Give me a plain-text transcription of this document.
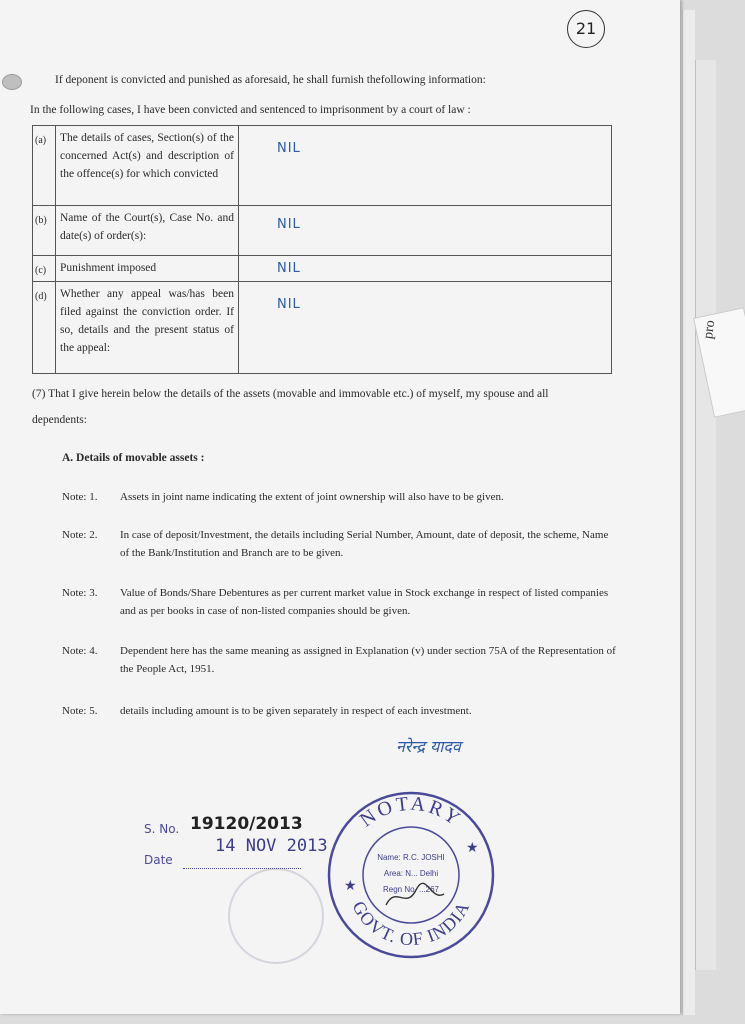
pro
21
If deponent is convicted and punished as aforesaid, he shall furnish thefollowing information:
In the following cases, I have been convicted and sentenced to imprisonment by a court of law :
(a)	The details of cases, Section(s) of the concerned Act(s) and description of the offence(s) for which convicted	NIL

(b)	Name of the Court(s), Case No. and date(s) of order(s):	NIL

(c)	Punishment imposed	NIL

(d)	Whether any appeal was/has been filed against the conviction order. If so, details and the present status of the appeal:	NIL
(7) That I give herein below the details of the assets (movable and immovable etc.) of myself, my spouse and all
dependents:
A. Details of movable assets :
Note: 1.	Assets in joint name indicating the extent of joint ownership will also have to be given.
Note: 2.	In case of deposit/Investment, the details including Serial Number, Amount, date of deposit, the scheme, Name of the Bank/Institution and Branch are to be given.
Note: 3.	Value of Bonds/Share Debentures as per current market value in Stock exchange in respect of listed companies and as per books in case of non-listed companies should be given.
Note: 4.	Dependent here has the same meaning as assigned in Explanation (v) under section 75A of the Representation of the People Act, 1951.
Note: 5.	details including amount is to be given separately in respect of each investment.
नरेन्द्र यादव
S. No. 19120/2013
14 NOV 2013
Date
NOTARY
GOVT. OF INDIA
★
★
Name: R.C. JOSHI
Area: N... Delhi
Regn No. ...267
